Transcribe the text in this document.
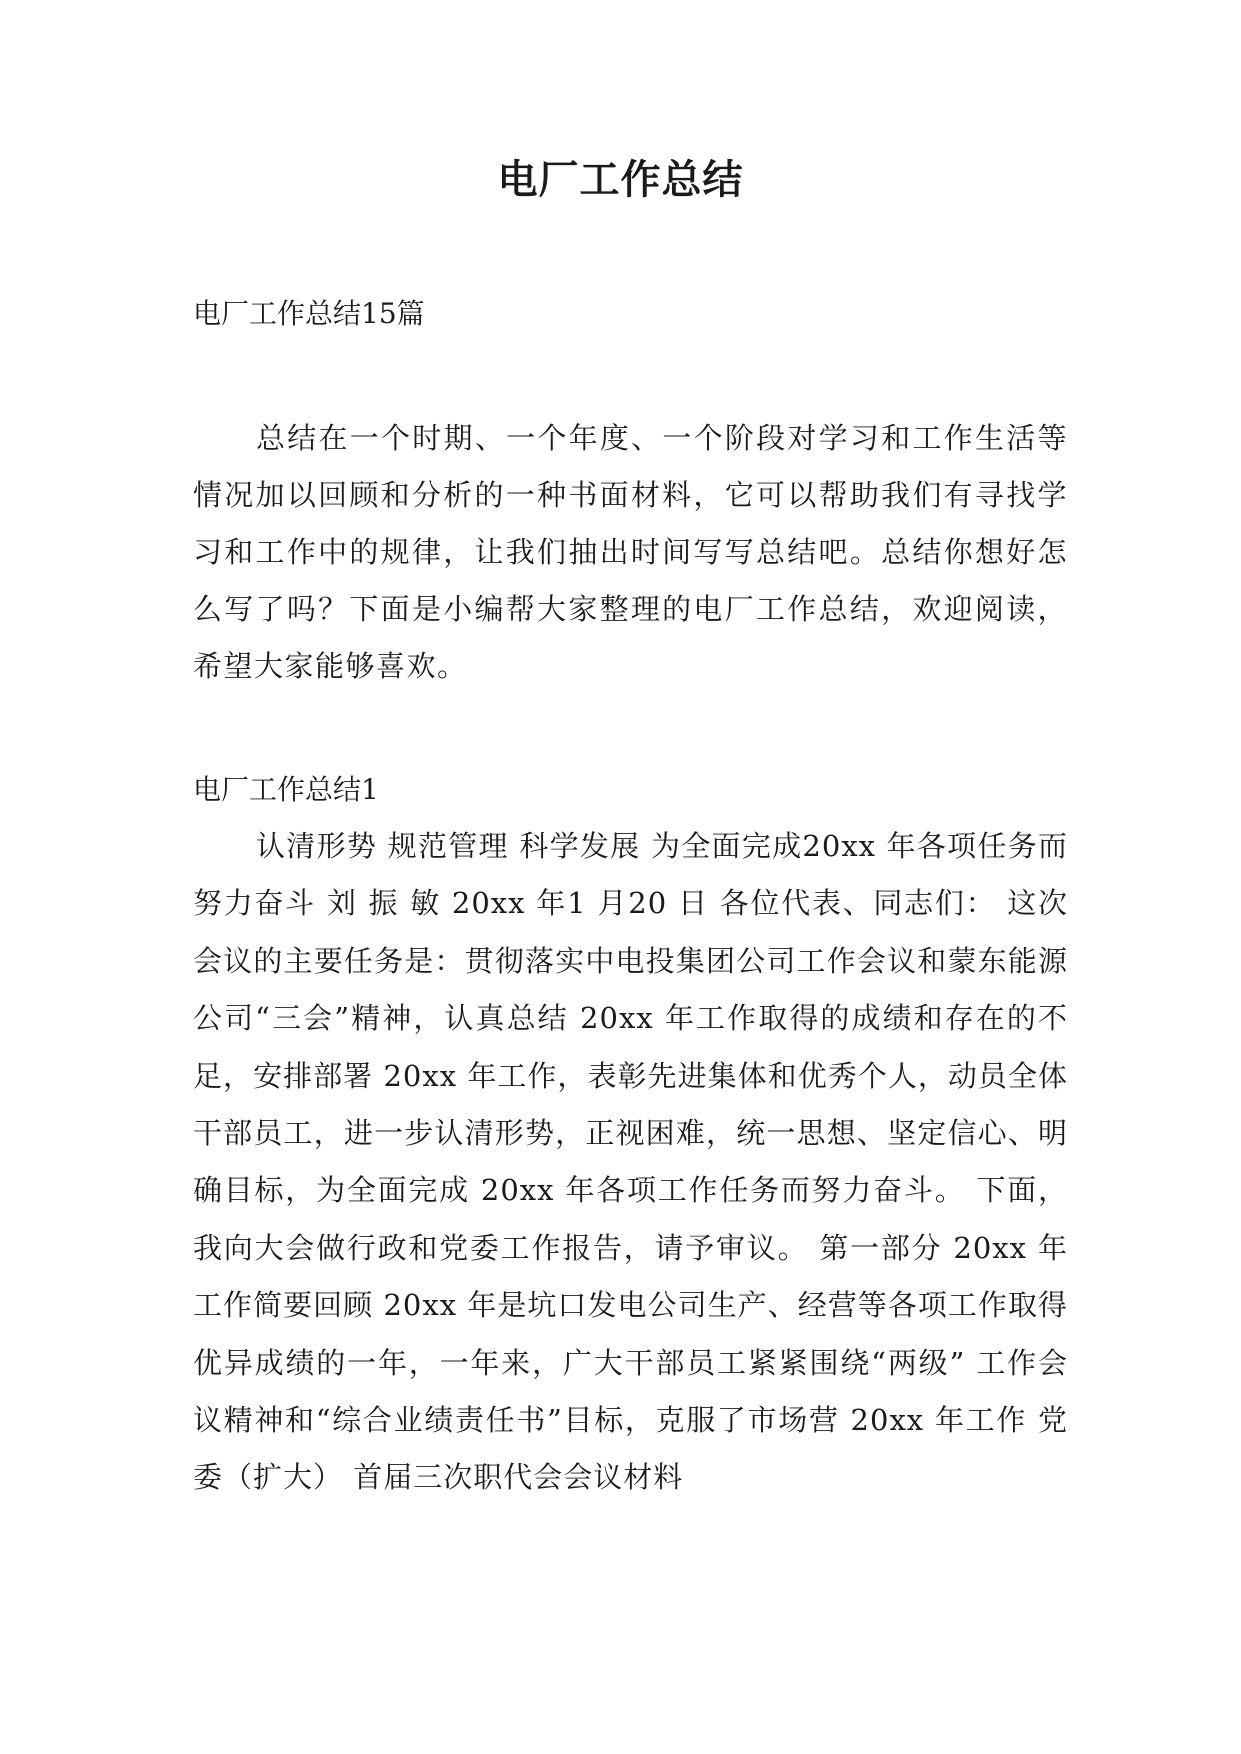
电厂工作总结
电厂工作总结15篇
总结在一个时期、一个年度、一个阶段对学习和工作生活等情况加以回顾和分析的一种书面材料，它可以帮助我们有寻找学习和工作中的规律，让我们抽出时间写写总结吧。总结你想好怎么写了吗？下面是小编帮大家整理的电厂工作总结，欢迎阅读，希望大家能够喜欢。
电厂工作总结1
认清形势 规范管理 科学发展 为全面完成20xx 年各项任务而努力奋斗 刘 振 敏 20xx 年1 月20 日 各位代表、同志们： 这次会议的主要任务是：贯彻落实中电投集团公司工作会议和蒙东能源公司“三会”精神，认真总结 20xx 年工作取得的成绩和存在的不足，安排部署 20xx 年工作，表彰先进集体和优秀个人，动员全体干部员工，进一步认清形势，正视困难，统一思想、坚定信心、明确目标，为全面完成 20xx 年各项工作任务而努力奋斗。 下面，我向大会做行政和党委工作报告，请予审议。 第一部分 20xx 年工作简要回顾 20xx 年是坑口发电公司生产、经营等各项工作取得优异成绩的一年，一年来，广大干部员工紧紧围绕“两级” 工作会议精神和“综合业绩责任书”目标，克服了市场营 20xx 年工作 党委（扩大） 首届三次职代会会议材料
